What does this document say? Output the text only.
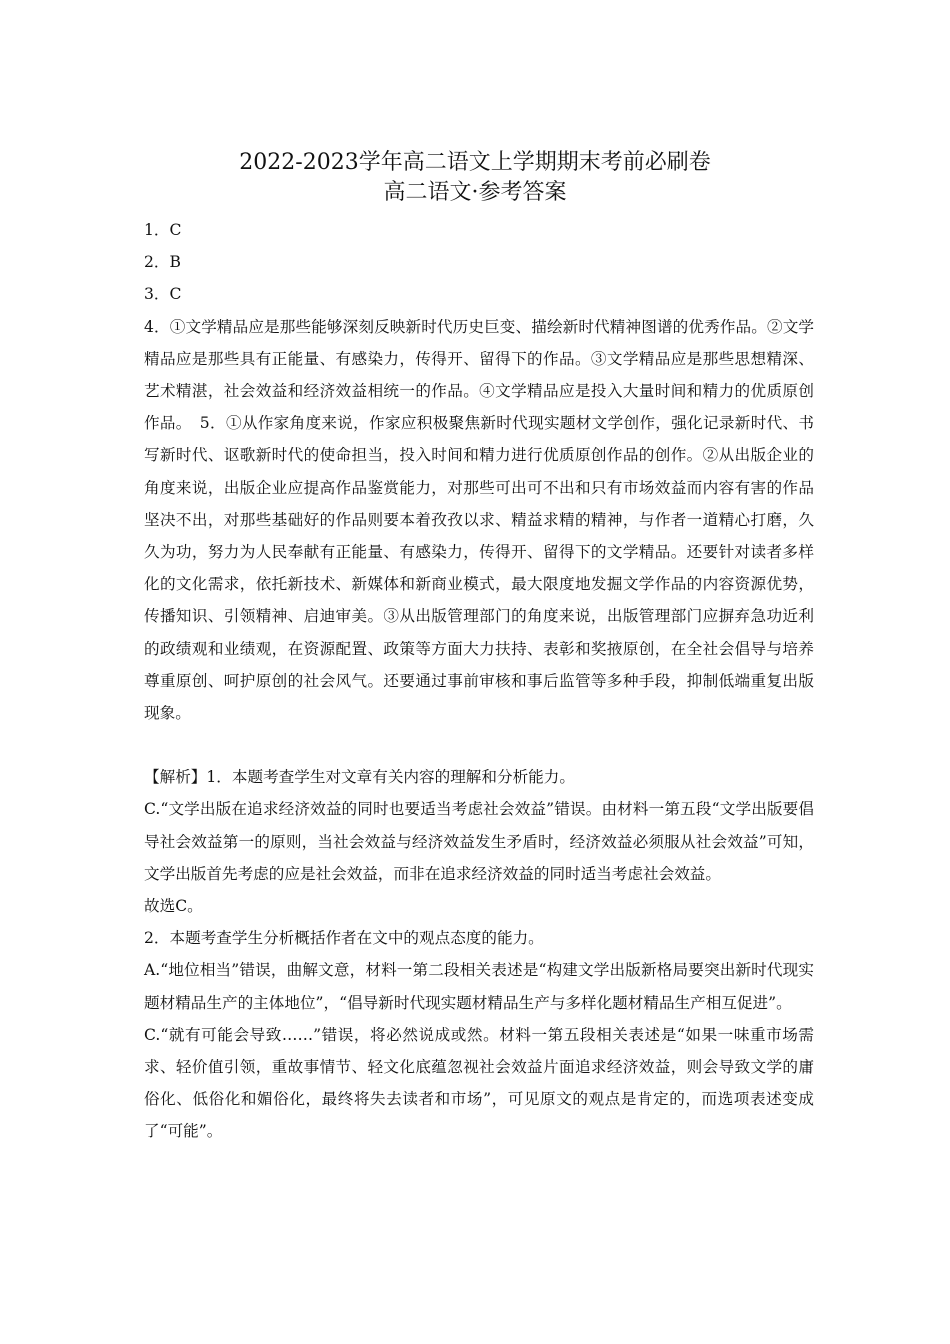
2022-2023学年高二语文上学期期末考前必刷卷
高二语文·参考答案

1．C

2．B

3．C

4．①文学精品应是那些能够深刻反映新时代历史巨变、描绘新时代精神图谱的优秀作品。②文学精品应是那些具有正能量、有感染力，传得开、留得下的作品。③文学精品应是那些思想精深、艺术精湛，社会效益和经济效益相统一的作品。④文学精品应是投入大量时间和精力的优质原创作品。　5．①从作家角度来说，作家应积极聚焦新时代现实题材文学创作，强化记录新时代、书写新时代、讴歌新时代的使命担当，投入时间和精力进行优质原创作品的创作。②从出版企业的角度来说，出版企业应提高作品鉴赏能力，对那些可出可不出和只有市场效益而内容有害的作品坚决不出，对那些基础好的作品则要本着孜孜以求、精益求精的精神，与作者一道精心打磨，久久为功，努力为人民奉献有正能量、有感染力，传得开、留得下的文学精品。还要针对读者多样化的文化需求，依托新技术、新媒体和新商业模式，最大限度地发掘文学作品的内容资源优势，传播知识、引领精神、启迪审美。③从出版管理部门的角度来说，出版管理部门应摒弃急功近利的政绩观和业绩观，在资源配置、政策等方面大力扶持、表彰和奖掖原创，在全社会倡导与培养尊重原创、呵护原创的社会风气。还要通过事前审核和事后监管等多种手段，抑制低端重复出版现象。

【解析】1．本题考查学生对文章有关内容的理解和分析能力。

C.“文学出版在追求经济效益的同时也要适当考虑社会效益”错误。由材料一第五段“文学出版要倡导社会效益第一的原则，当社会效益与经济效益发生矛盾时，经济效益必须服从社会效益”可知，文学出版首先考虑的应是社会效益，而非在追求经济效益的同时适当考虑社会效益。

故选C。

2．本题考查学生分析概括作者在文中的观点态度的能力。

A.“地位相当”错误，曲解文意，材料一第二段相关表述是“构建文学出版新格局要突出新时代现实题材精品生产的主体地位”，“倡导新时代现实题材精品生产与多样化题材精品生产相互促进”。

C.“就有可能会导致……”错误，将必然说成或然。材料一第五段相关表述是“如果一味重市场需求、轻价值引领，重故事情节、轻文化底蕴忽视社会效益片面追求经济效益，则会导致文学的庸俗化、低俗化和媚俗化，最终将失去读者和市场”，可见原文的观点是肯定的，而选项表述变成了“可能”。
